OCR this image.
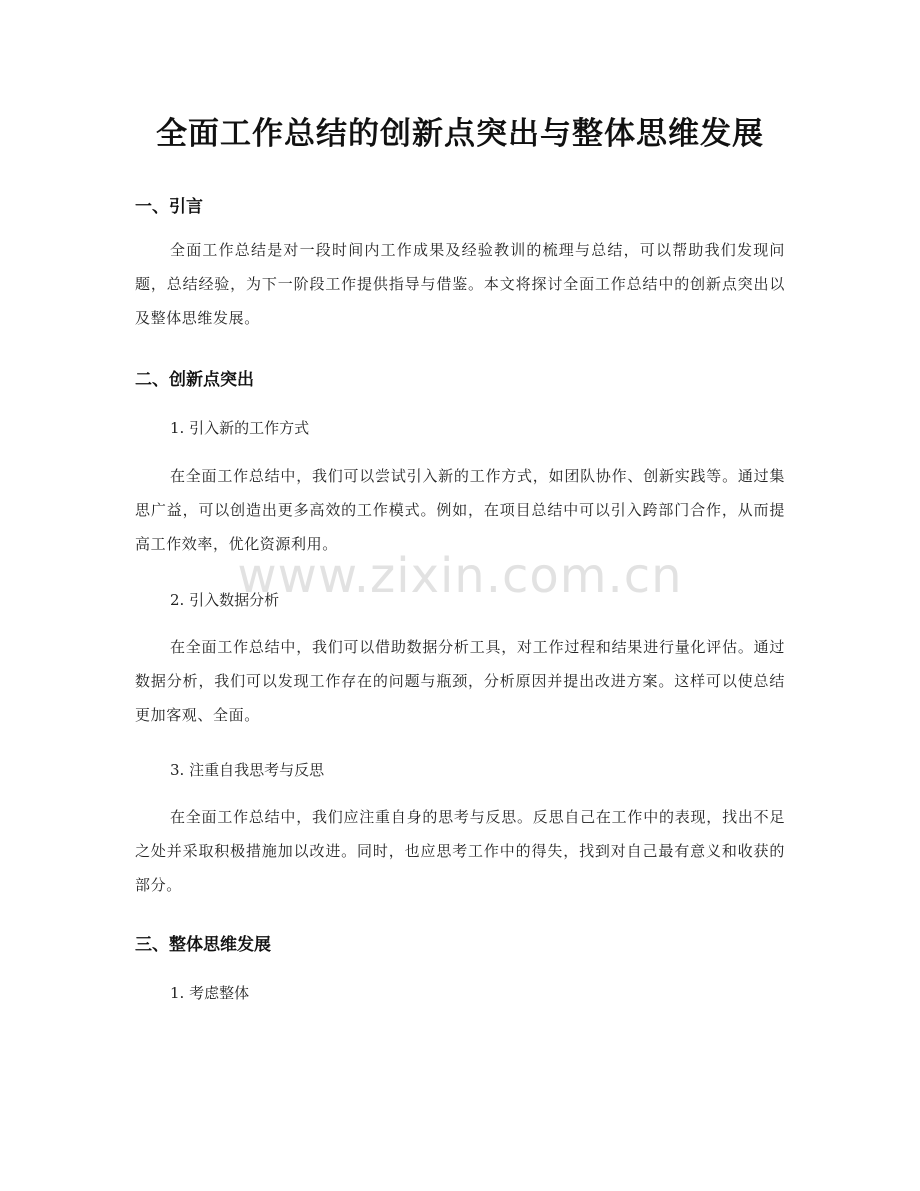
全面工作总结的创新点突出与整体思维发展
一、引言

全面工作总结是对一段时间内工作成果及经验教训的梳理与总结，可以帮助我们发现问题，总结经验，为下一阶段工作提供指导与借鉴。本文将探讨全面工作总结中的创新点突出以及整体思维发展。

二、创新点突出

1. 引入新的工作方式

在全面工作总结中，我们可以尝试引入新的工作方式，如团队协作、创新实践等。通过集思广益，可以创造出更多高效的工作模式。例如，在项目总结中可以引入跨部门合作，从而提高工作效率，优化资源利用。

2. 引入数据分析

在全面工作总结中，我们可以借助数据分析工具，对工作过程和结果进行量化评估。通过数据分析，我们可以发现工作存在的问题与瓶颈，分析原因并提出改进方案。这样可以使总结更加客观、全面。

3. 注重自我思考与反思

在全面工作总结中，我们应注重自身的思考与反思。反思自己在工作中的表现，找出不足之处并采取积极措施加以改进。同时，也应思考工作中的得失，找到对自己最有意义和收获的部分。

三、整体思维发展

1. 考虑整体

www.zixin.com.cn
